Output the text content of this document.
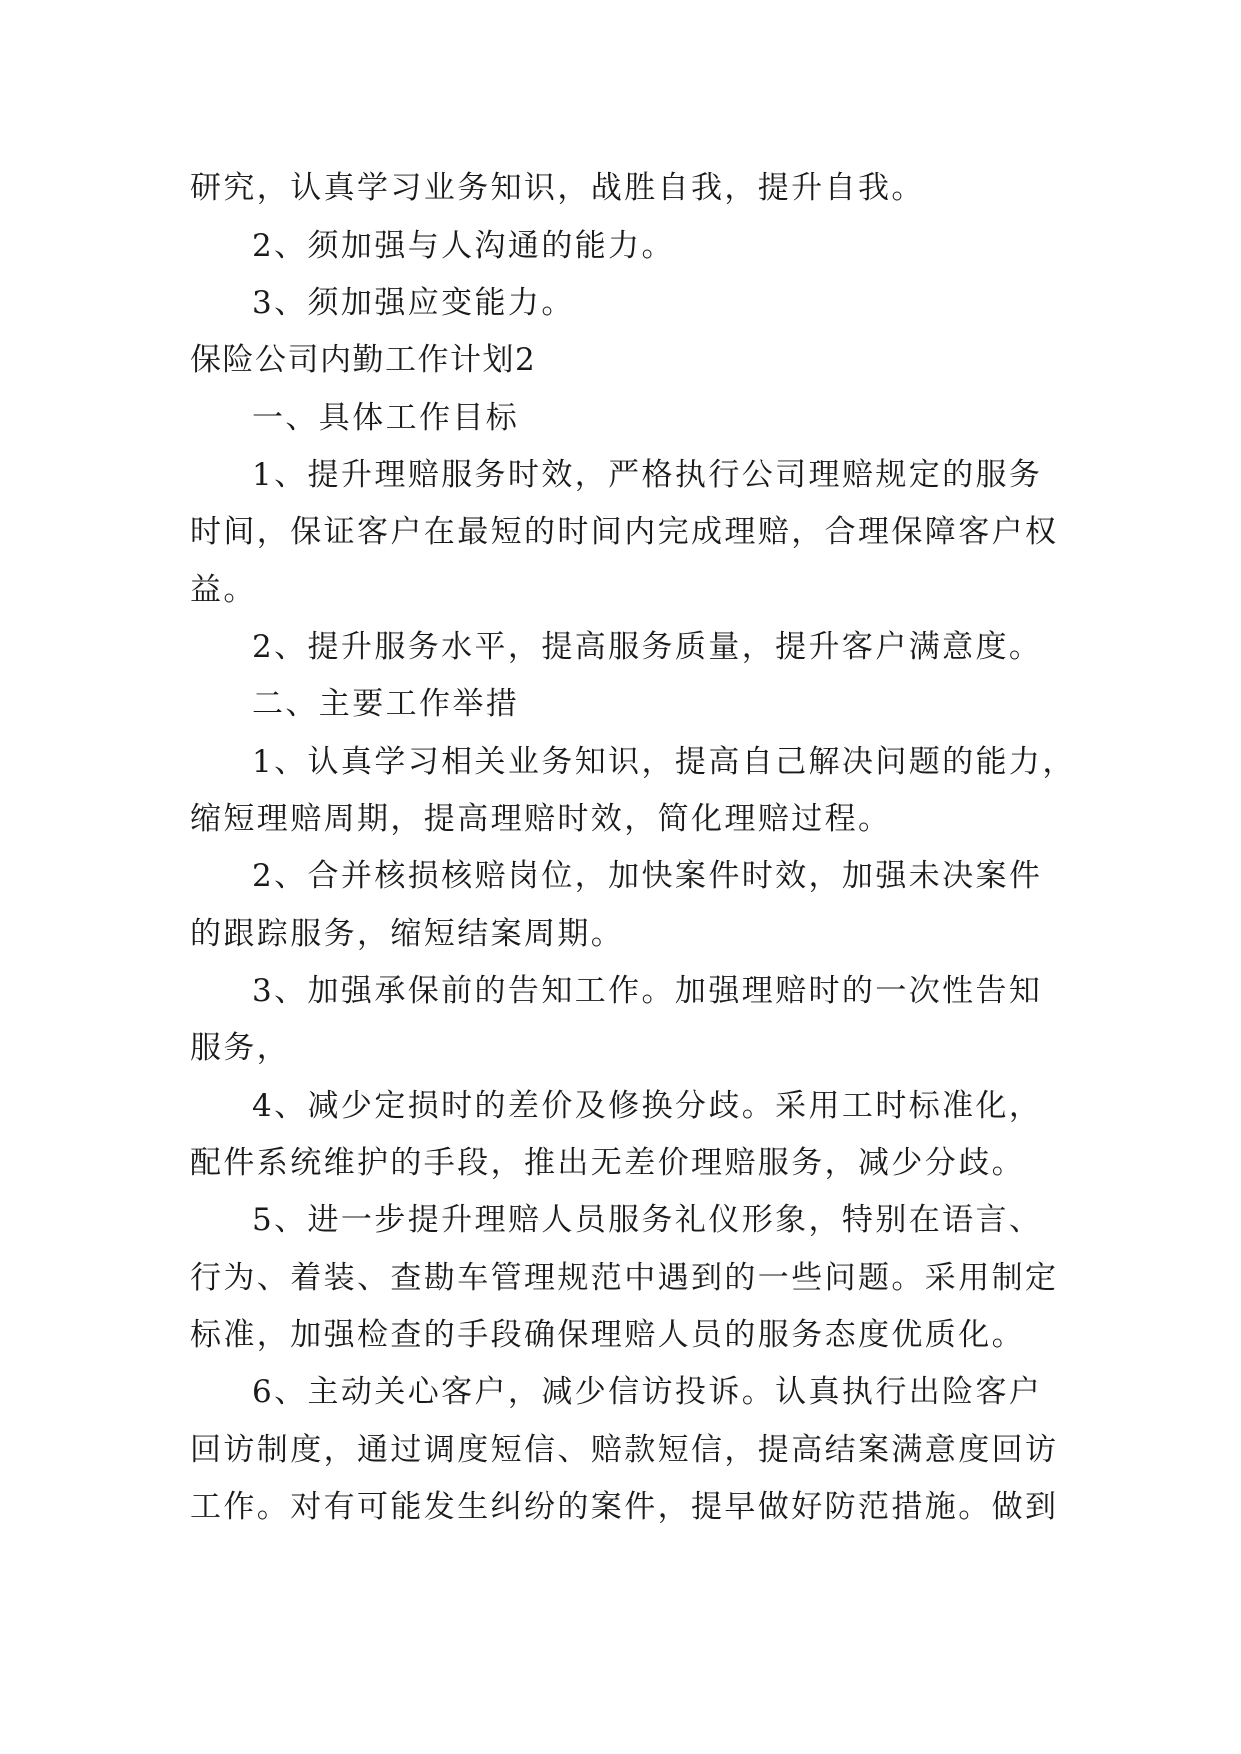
研究，认真学习业务知识，战胜自我，提升自我。
2、须加强与人沟通的能力。
3、须加强应变能力。
保险公司内勤工作计划2
一、具体工作目标
1、提升理赔服务时效，严格执行公司理赔规定的服务
时间，保证客户在最短的时间内完成理赔，合理保障客户权
益。
2、提升服务水平，提高服务质量，提升客户满意度。
二、主要工作举措
1、认真学习相关业务知识，提高自己解决问题的能力，
缩短理赔周期，提高理赔时效，简化理赔过程。
2、合并核损核赔岗位，加快案件时效，加强未决案件
的跟踪服务，缩短结案周期。
3、加强承保前的告知工作。加强理赔时的一次性告知
服务，
4、减少定损时的差价及修换分歧。采用工时标准化，
配件系统维护的手段，推出无差价理赔服务，减少分歧。
5、进一步提升理赔人员服务礼仪形象，特别在语言、
行为、着装、查勘车管理规范中遇到的一些问题。采用制定
标准，加强检查的手段确保理赔人员的服务态度优质化。
6、主动关心客户，减少信访投诉。认真执行出险客户
回访制度，通过调度短信、赔款短信，提高结案满意度回访
工作。对有可能发生纠纷的案件，提早做好防范措施。做到
